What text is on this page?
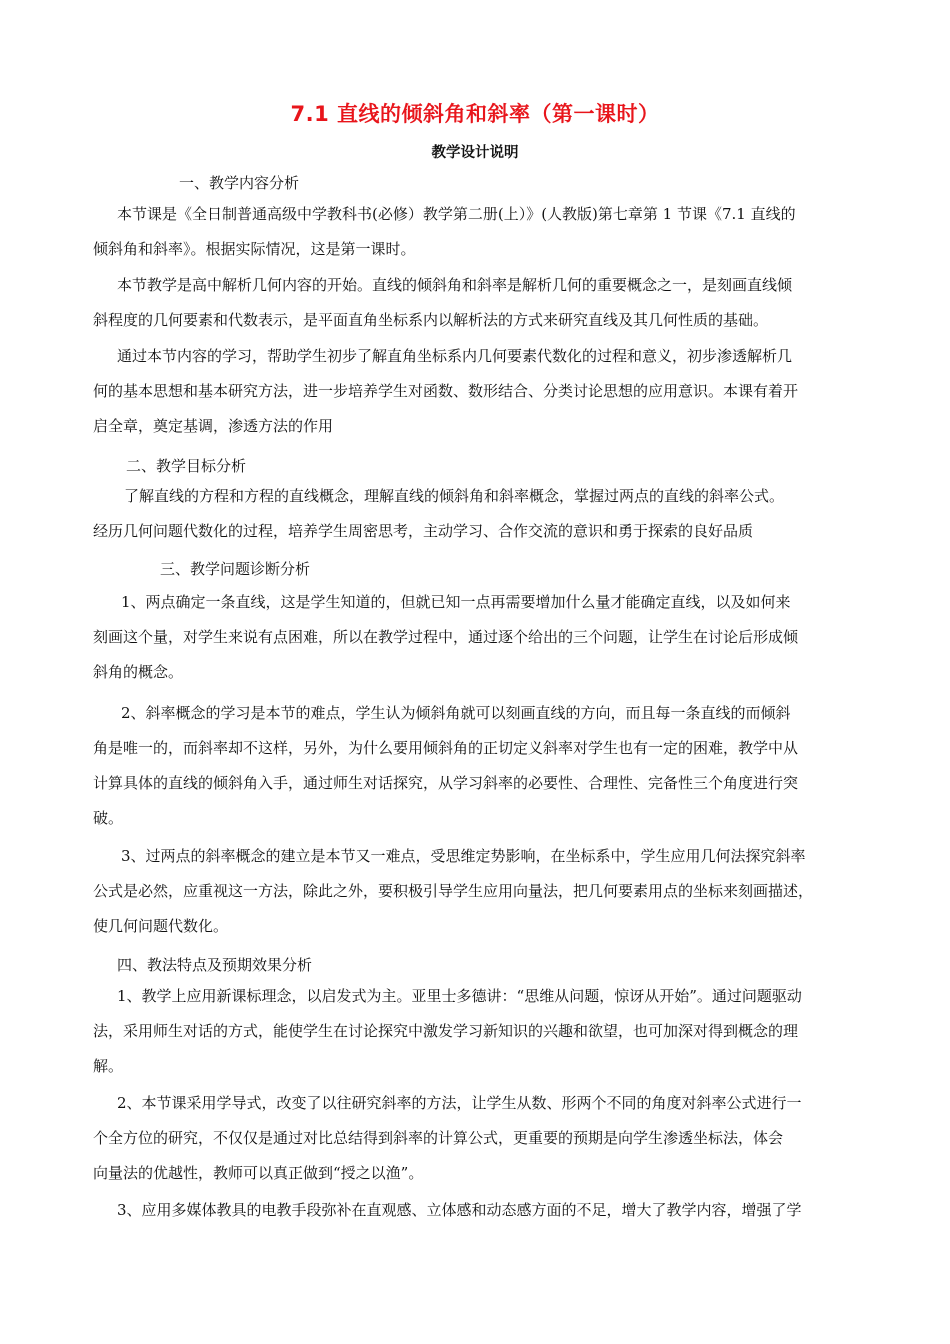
7.1 直线的倾斜角和斜率（第一课时）
教学设计说明
一、教学内容分析
本节课是《全日制普通高级中学教科书(必修）教学第二册(上）》(人教版)第七章第 1 节课《7.1 直线的
倾斜角和斜率》。根据实际情况，这是第一课时。
本节教学是高中解析几何内容的开始。直线的倾斜角和斜率是解析几何的重要概念之一，是刻画直线倾
斜程度的几何要素和代数表示，是平面直角坐标系内以解析法的方式来研究直线及其几何性质的基础。
通过本节内容的学习，帮助学生初步了解直角坐标系内几何要素代数化的过程和意义，初步渗透解析几
何的基本思想和基本研究方法，进一步培养学生对函数、数形结合、分类讨论思想的应用意识。本课有着开
启全章，奠定基调，渗透方法的作用
二、教学目标分析
了解直线的方程和方程的直线概念，理解直线的倾斜角和斜率概念，掌握过两点的直线的斜率公式。
经历几何问题代数化的过程，培养学生周密思考，主动学习、合作交流的意识和勇于探索的良好品质
三、教学问题诊断分析
1、两点确定一条直线，这是学生知道的，但就已知一点再需要增加什么量才能确定直线，以及如何来
刻画这个量，对学生来说有点困难，所以在教学过程中，通过逐个给出的三个问题，让学生在讨论后形成倾
斜角的概念。
2、斜率概念的学习是本节的难点，学生认为倾斜角就可以刻画直线的方向，而且每一条直线的而倾斜
角是唯一的，而斜率却不这样，另外，为什么要用倾斜角的正切定义斜率对学生也有一定的困难，教学中从
计算具体的直线的倾斜角入手，通过师生对话探究，从学习斜率的必要性、合理性、完备性三个角度进行突
破。
3、过两点的斜率概念的建立是本节又一难点，受思维定势影响，在坐标系中，学生应用几何法探究斜率
公式是必然，应重视这一方法，除此之外，要积极引导学生应用向量法，把几何要素用点的坐标来刻画描述，
使几何问题代数化。
四、教法特点及预期效果分析
1、教学上应用新课标理念，以启发式为主。亚里士多德讲：“思维从问题，惊讶从开始”。通过问题驱动
法，采用师生对话的方式，能使学生在讨论探究中激发学习新知识的兴趣和欲望，也可加深对得到概念的理
解。
2、本节课采用学导式，改变了以往研究斜率的方法，让学生从数、形两个不同的角度对斜率公式进行一
个全方位的研究，不仅仅是通过对比总结得到斜率的计算公式，更重要的预期是向学生渗透坐标法，体会
向量法的优越性，教师可以真正做到“授之以渔”。
3、应用多媒体教具的电教手段弥补在直观感、立体感和动态感方面的不足，增大了教学内容，增强了学
